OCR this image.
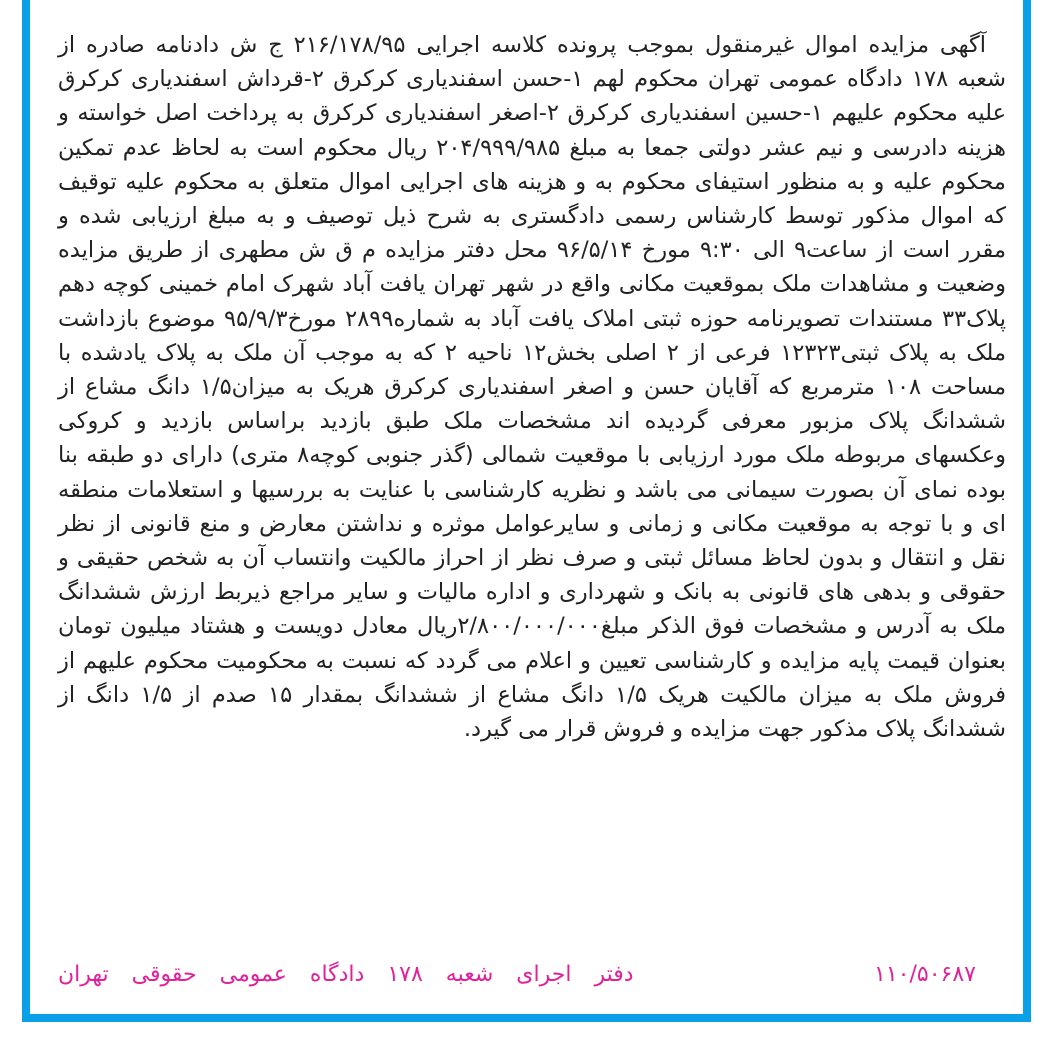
آگهی مزایده اموال غیرمنقول بموجب پرونده کلاسه اجرایی ۲۱۶/۱۷۸/۹۵ ج ش دادنامه صادره از شعبه ۱۷۸ دادگاه عمومی تهران محکوم لهم ۱-حسن اسفندیاری کرکرق ۲-قرداش اسفندیاری کرکرق علیه محکوم علیهم ۱-حسین اسفندیاری کرکرق ۲-اصغر اسفندیاری کرکرق به پرداخت اصل خواسته و هزینه دادرسی و نیم عشر دولتی جمعا به مبلغ ۲۰۴/۹۹۹/۹۸۵ ریال محکوم است به لحاظ عدم تمکین محکوم علیه و به منظور استیفای محکوم به و هزینه های اجرایی اموال متعلق به محکوم علیه توقیف که اموال مذکور توسط کارشناس رسمی دادگستری به شرح ذیل توصیف و به مبلغ ارزیابی شده و مقرر است از ساعت۹ الی ۹:۳۰ مورخ ۹۶/۵/۱۴ محل دفتر مزایده م ق ش مطهری از طریق مزایده وضعیت و مشاهدات ملک بموقعیت مکانی واقع در شهر تهران یافت آباد شهرک امام خمینی کوچه دهم پلاک۳۳ مستندات تصویرنامه حوزه ثبتی املاک یافت آباد به شماره۲۸۹۹ مورخ۹۵/۹/۳ موضوع بازداشت ملک به پلاک ثبتی۱۲۳۲۳ فرعی از ۲ اصلی بخش۱۲ ناحیه ۲ که به موجب آن ملک به پلاک یادشده با مساحت ۱۰۸ مترمربع که آقایان حسن و اصغر اسفندیاری کرکرق هریک به میزان۱/۵ دانگ مشاع از ششدانگ پلاک مزبور معرفی گردیده اند مشخصات ملک طبق بازدید براساس بازدید و کروکی وعکسهای مربوطه ملک مورد ارزیابی با موقعیت شمالی (گذر جنوبی کوچه۸ متری) دارای دو طبقه بنا بوده نمای آن بصورت سیمانی می باشد و نظریه کارشناسی با عنایت به بررسیها و استعلامات منطقه ای و با توجه به موقعیت مکانی و زمانی و سایرعوامل موثره و نداشتن معارض و منع قانونی از نظر نقل و انتقال و بدون لحاظ مسائل ثبتی و صرف نظر از احراز مالکیت وانتساب آن به شخص حقیقی و حقوقی و بدهی های قانونی به بانک و شهرداری و اداره مالیات و سایر مراجع ذیربط ارزش ششدانگ ملک به آدرس و مشخصات فوق الذکر مبلغ۲/۸۰۰/۰۰۰/۰۰۰ریال معادل دویست و هشتاد میلیون تومان بعنوان قیمت پایه مزایده و کارشناسی تعیین و اعلام می گردد که نسبت به محکومیت محکوم علیهم از فروش ملک به میزان مالکیت هریک ۱/۵ دانگ مشاع از ششدانگ بمقدار ۱۵ صدم از ۱/۵ دانگ از ششدانگ پلاک مذکور جهت مزایده و فروش قرار می گیرد.
دفتر اجرای شعبه ۱۷۸ دادگاه عمومی حقوقی تهران	۱۱۰/۵۰۶۸۷
